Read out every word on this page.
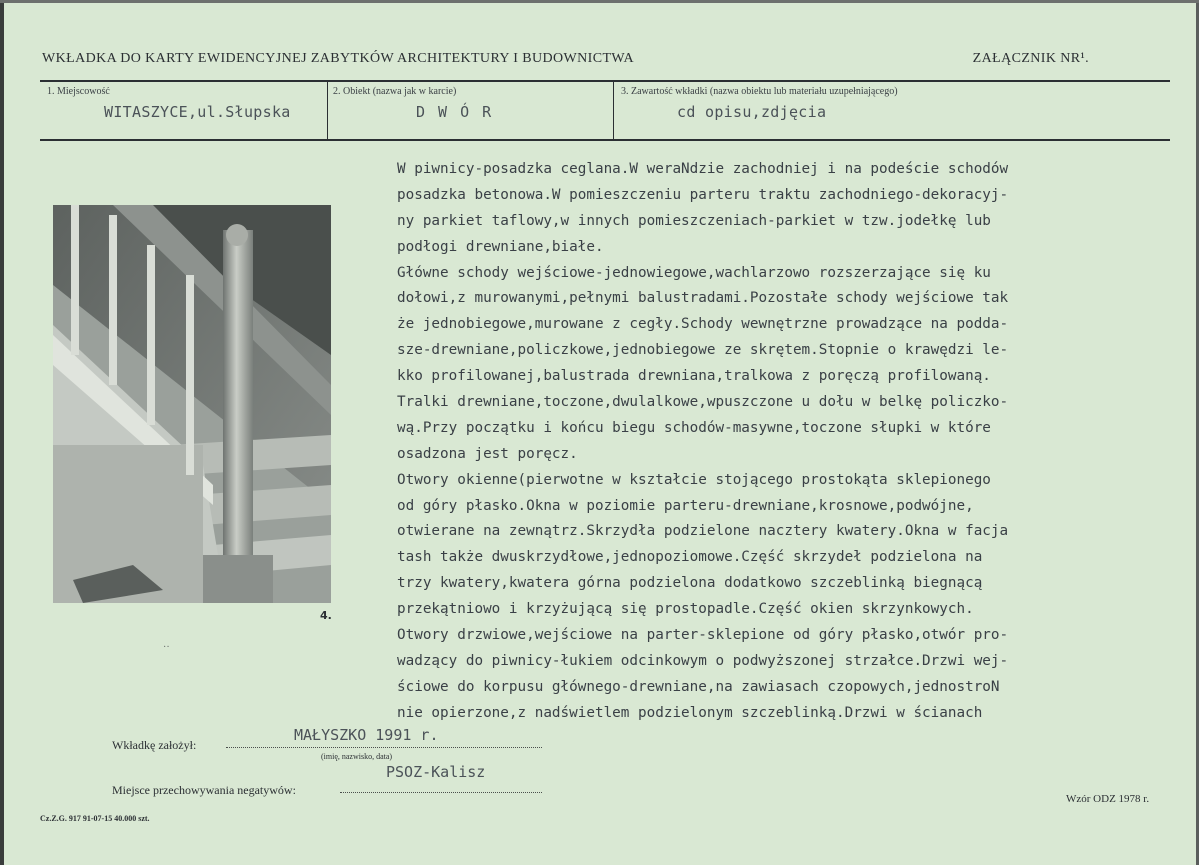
WKŁADKA DO KARTY EWIDENCYJNEJ ZABYTKÓW ARCHITEKTURY I BUDOWNICTWA	ZAŁĄCZNIK NR¹.
1. Miejscowość
WITASZYCE,ul.Słupska
2. Obiekt (nazwa jak w karcie)
D W Ó R
3. Zawartość wkładki (nazwa obiektu lub materiału uzupełniającego)
cd opisu,zdjęcia
W piwnicy-posadzka ceglana.W weraNdzie zachodniej i na podeście schodów
posadzka betonowa.W pomieszczeniu parteru traktu zachodniego-dekoracyj-
ny parkiet taflowy,w innych pomieszczeniach-parkiet w tzw.jodełkę lub
podłogi drewniane,białe.
Główne schody wejściowe-jednowiegowe,wachlarzowo rozszerzające się ku
dołowi,z murowanymi,pełnymi balustradami.Pozostałe schody wejściowe tak
że jednobiegowe,murowane z cegły.Schody wewnętrzne prowadzące na podda-
sze-drewniane,policzkowe,jednobiegowe ze skrętem.Stopnie o krawędzi le-
kko profilowanej,balustrada drewniana,tralkowa z poręczą profilowaną.
Tralki drewniane,toczone,dwulalkowe,wpuszczone u dołu w belkę policzko-
wą.Przy początku i końcu biegu schodów-masywne,toczone słupki w które
osadzona jest poręcz.
Otwory okienne(pierwotne w kształcie stojącego prostokąta sklepionego
od góry płasko.Okna w poziomie parteru-drewniane,krosnowe,podwójne,
otwierane na zewnątrz.Skrzydła podzielone nacztery kwatery.Okna w facja
tash także dwuskrzydłowe,jednopoziomowe.Część skrzydeł podzielona na
trzy kwatery,kwatera górna podzielona dodatkowo szczeblinką biegnącą
przekątniowo i krzyżującą się prostopadle.Część okien skrzynkowych.
Otwory drzwiowe,wejściowe na parter-sklepione od góry płasko,otwór pro-
wadzący do piwnicy-łukiem odcinkowym o podwyższonej strzałce.Drzwi wej-
ściowe do korpusu głównego-drewniane,na zawiasach czopowych,jednostroN
nie opierzone,z nadświetlem podzielonym szczeblinką.Drzwi w ścianach
4.
··
Wkładkę założył:
MAŁYSZKO 1991 r.
(imię, nazwisko, data)
Miejsce przechowywania negatywów:
PSOZ-Kalisz
Cz.Z.G. 917 91-07-15 40.000 szt.
Wzór ODZ 1978 r.
